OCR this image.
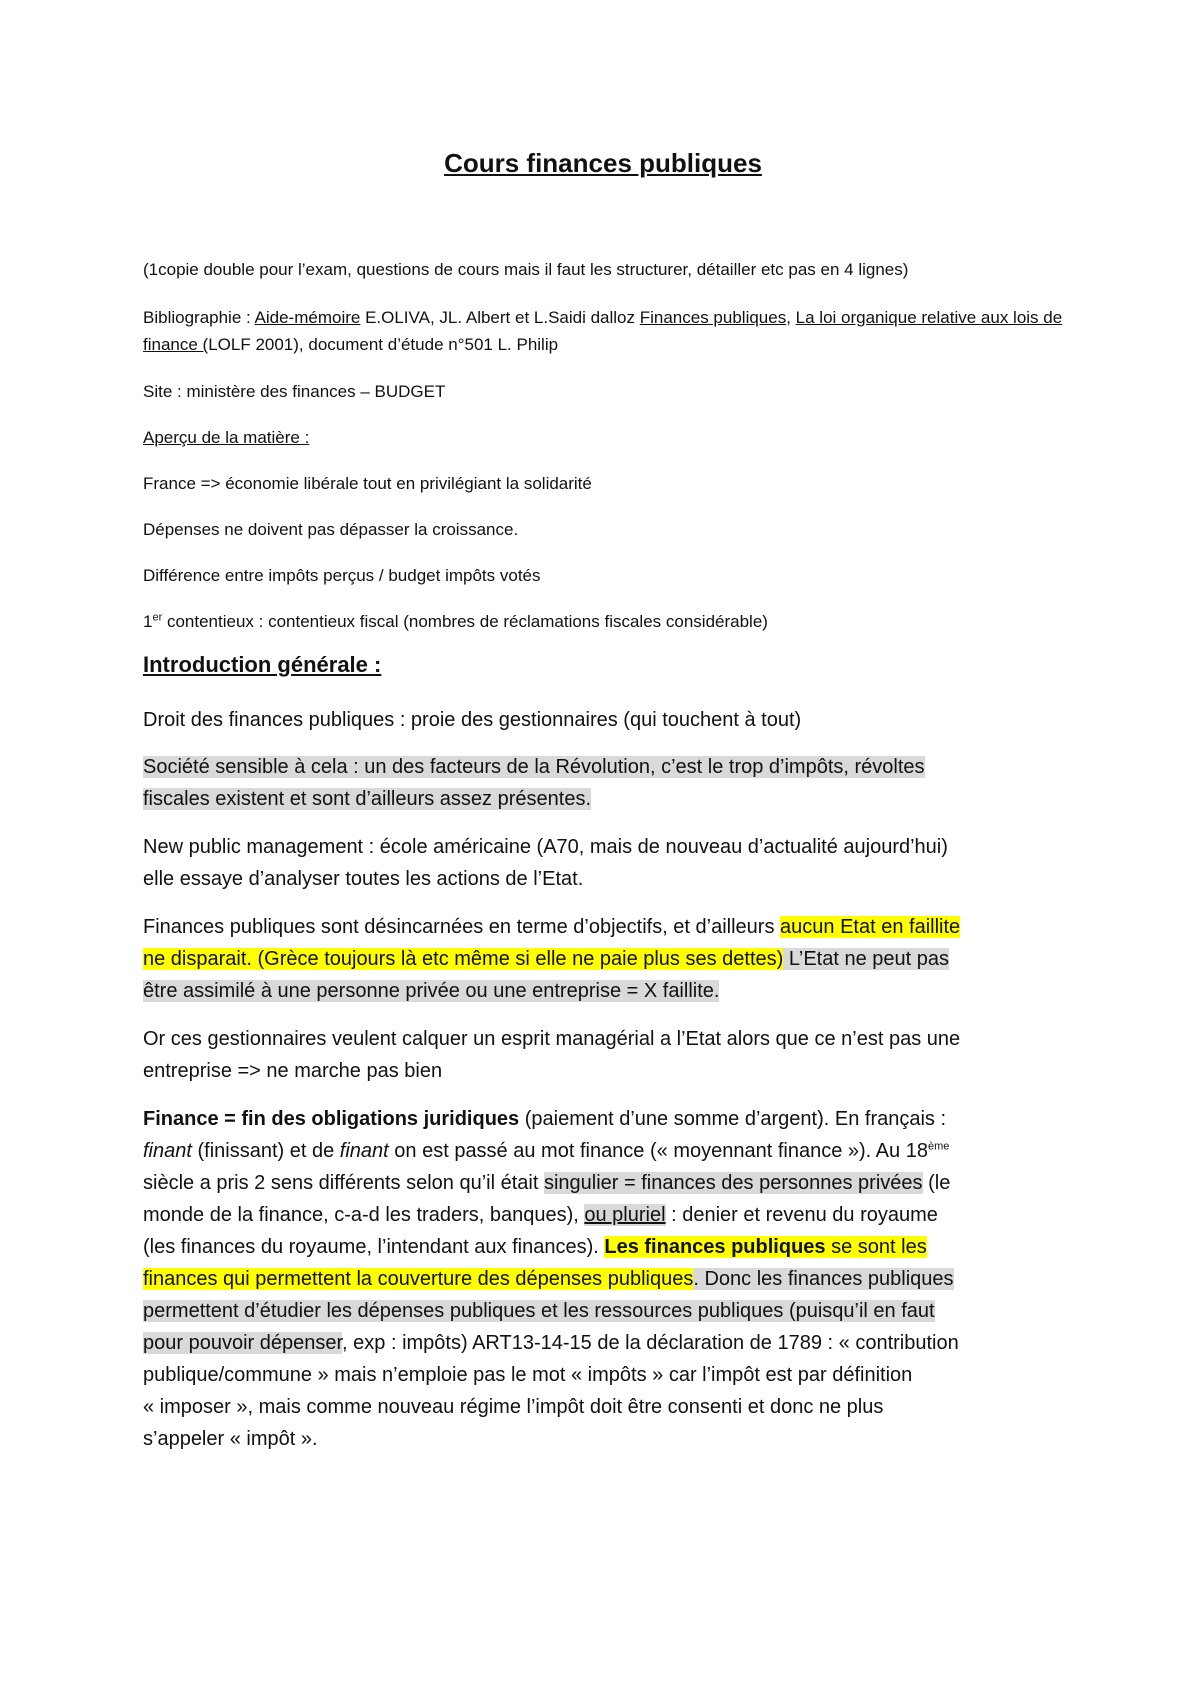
Cours finances publiques

(1copie double pour l’exam, questions de cours mais il faut les structurer, détailler etc pas en 4 lignes)

Bibliographie : Aide-mémoire E.OLIVA, JL. Albert et L.Saidi dalloz Finances publiques, La loi organique relative aux lois de finance (LOLF 2001), document d’étude n°501 L. Philip

Site : ministère des finances – BUDGET

Aperçu de la matière :

France => économie libérale tout en privilégiant la solidarité

Dépenses ne doivent pas dépasser la croissance.

Différence entre impôts perçus / budget impôts votés

1er contentieux : contentieux fiscal (nombres de réclamations fiscales considérable)

Introduction générale :

Droit des finances publiques : proie des gestionnaires (qui touchent à tout)

Société sensible à cela : un des facteurs de la Révolution, c’est le trop d’impôts, révoltes
fiscales existent et sont d’ailleurs assez présentes.

New public management : école américaine (A70, mais de nouveau d’actualité aujourd’hui)
elle essaye d’analyser toutes les actions de l’Etat.

Finances publiques sont désincarnées en terme d’objectifs, et d’ailleurs aucun Etat en faillite
ne disparait. (Grèce toujours là etc même si elle ne paie plus ses dettes) L’Etat ne peut pas
être assimilé à une personne privée ou une entreprise = X faillite.

Or ces gestionnaires veulent calquer un esprit managérial a l’Etat alors que ce n’est pas une
entreprise => ne marche pas bien

Finance = fin des obligations juridiques (paiement d’une somme d’argent). En français :
finant (finissant) et de finant on est passé au mot finance (« moyennant finance »). Au 18ème
siècle a pris 2 sens différents selon qu’il était singulier = finances des personnes privées (le
monde de la finance, c-a-d les traders, banques), ou pluriel : denier et revenu du royaume
(les finances du royaume, l’intendant aux finances). Les finances publiques se sont les
finances qui permettent la couverture des dépenses publiques. Donc les finances publiques
permettent d’étudier les dépenses publiques et les ressources publiques (puisqu’il en faut
pour pouvoir dépenser, exp : impôts) ART13-14-15 de la déclaration de 1789 : « contribution
publique/commune » mais n’emploie pas le mot « impôts » car l’impôt est par définition
« imposer », mais comme nouveau régime l’impôt doit être consenti et donc ne plus
s’appeler « impôt ».
